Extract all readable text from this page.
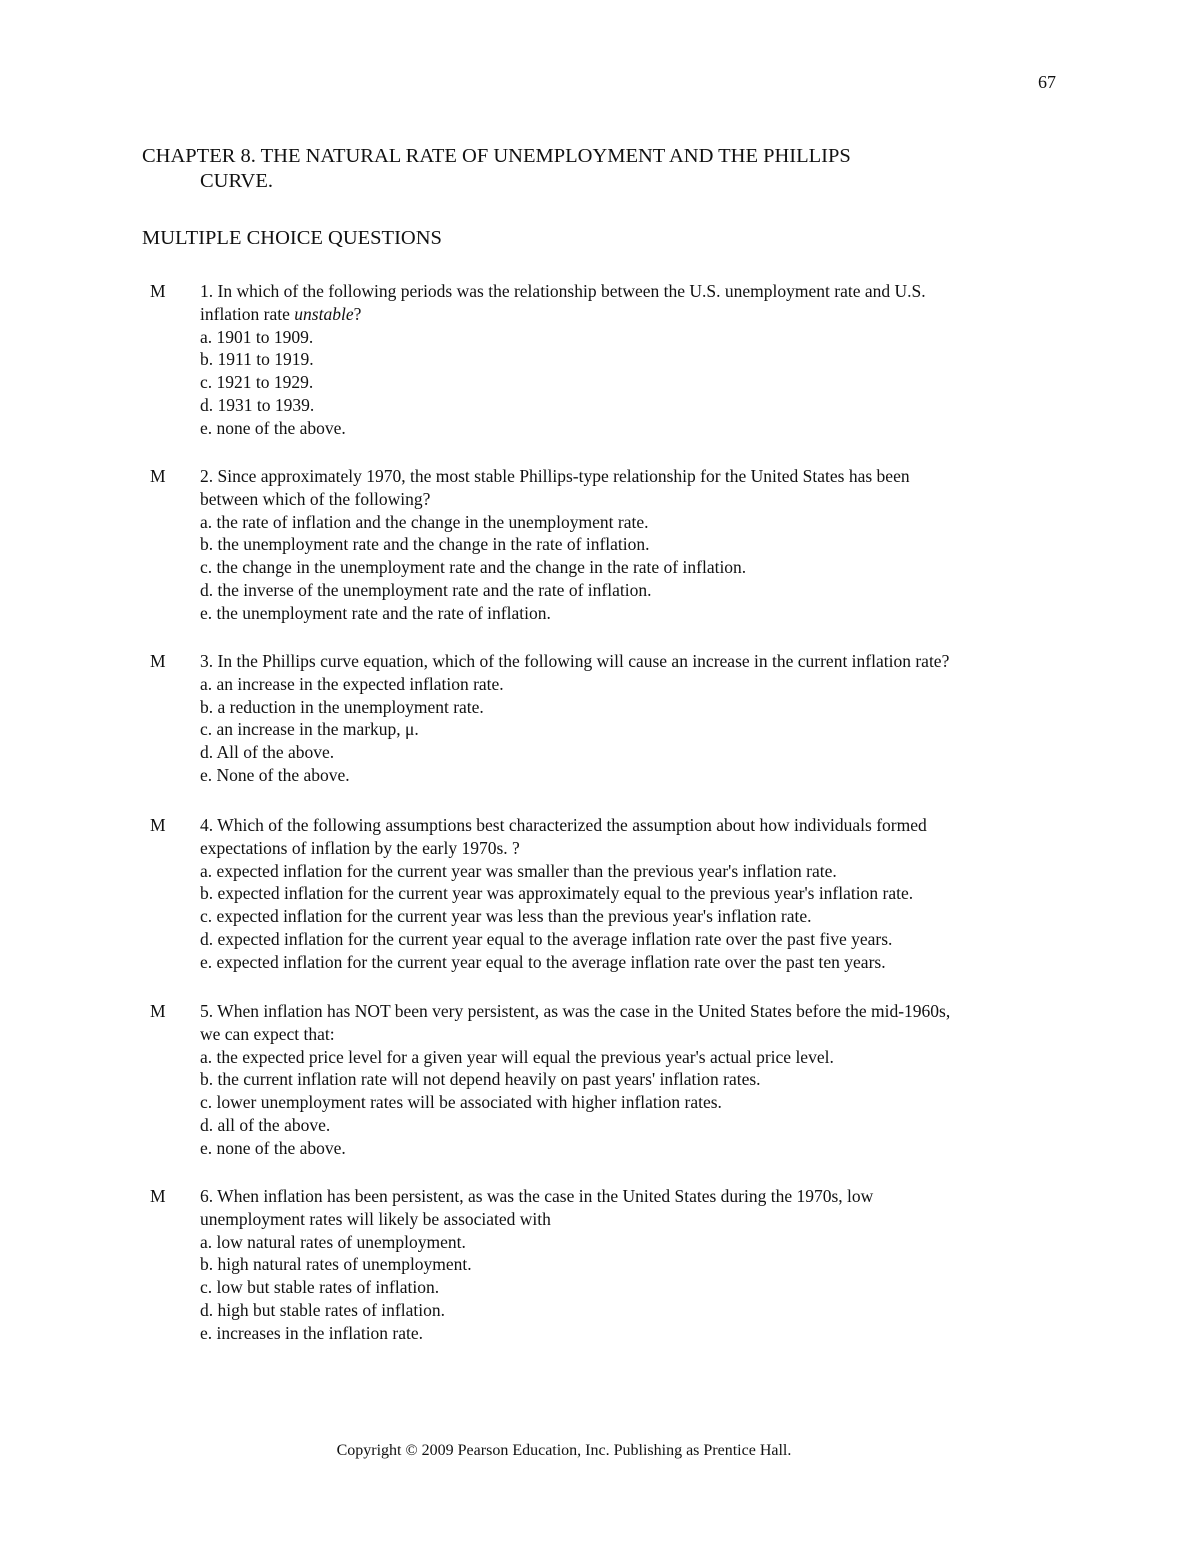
67
CHAPTER 8. THE NATURAL RATE OF UNEMPLOYMENT AND THE PHILLIPS
CURVE.
MULTIPLE CHOICE QUESTIONS
M 1. In which of the following periods was the relationship between the U.S. unemployment rate and U.S.
inflation rate unstable?
a. 1901 to 1909.
b. 1911 to 1919.
c. 1921 to 1929.
d. 1931 to 1939.
e. none of the above.
M 2. Since approximately 1970, the most stable Phillips-type relationship for the United States has been
between which of the following?
a. the rate of inflation and the change in the unemployment rate.
b. the unemployment rate and the change in the rate of inflation.
c. the change in the unemployment rate and the change in the rate of inflation.
d. the inverse of the unemployment rate and the rate of inflation.
e. the unemployment rate and the rate of inflation.
M 3. In the Phillips curve equation, which of the following will cause an increase in the current inflation rate?
a. an increase in the expected inflation rate.
b. a reduction in the unemployment rate.
c. an increase in the markup, μ.
d. All of the above.
e. None of the above.
M 4. Which of the following assumptions best characterized the assumption about how individuals formed
expectations of inflation by the early 1970s. ?
a. expected inflation for the current year was smaller than the previous year's inflation rate.
b. expected inflation for the current year was approximately equal to the previous year's inflation rate.
c. expected inflation for the current year was less than the previous year's inflation rate.
d. expected inflation for the current year equal to the average inflation rate over the past five years.
e. expected inflation for the current year equal to the average inflation rate over the past ten years.
M 5. When inflation has NOT been very persistent, as was the case in the United States before the mid-1960s,
we can expect that:
a. the expected price level for a given year will equal the previous year's actual price level.
b. the current inflation rate will not depend heavily on past years' inflation rates.
c. lower unemployment rates will be associated with higher inflation rates.
d. all of the above.
e. none of the above.
M 6. When inflation has been persistent, as was the case in the United States during the 1970s, low
unemployment rates will likely be associated with
a. low natural rates of unemployment.
b. high natural rates of unemployment.
c. low but stable rates of inflation.
d. high but stable rates of inflation.
e. increases in the inflation rate.
Copyright © 2009 Pearson Education, Inc. Publishing as Prentice Hall.
